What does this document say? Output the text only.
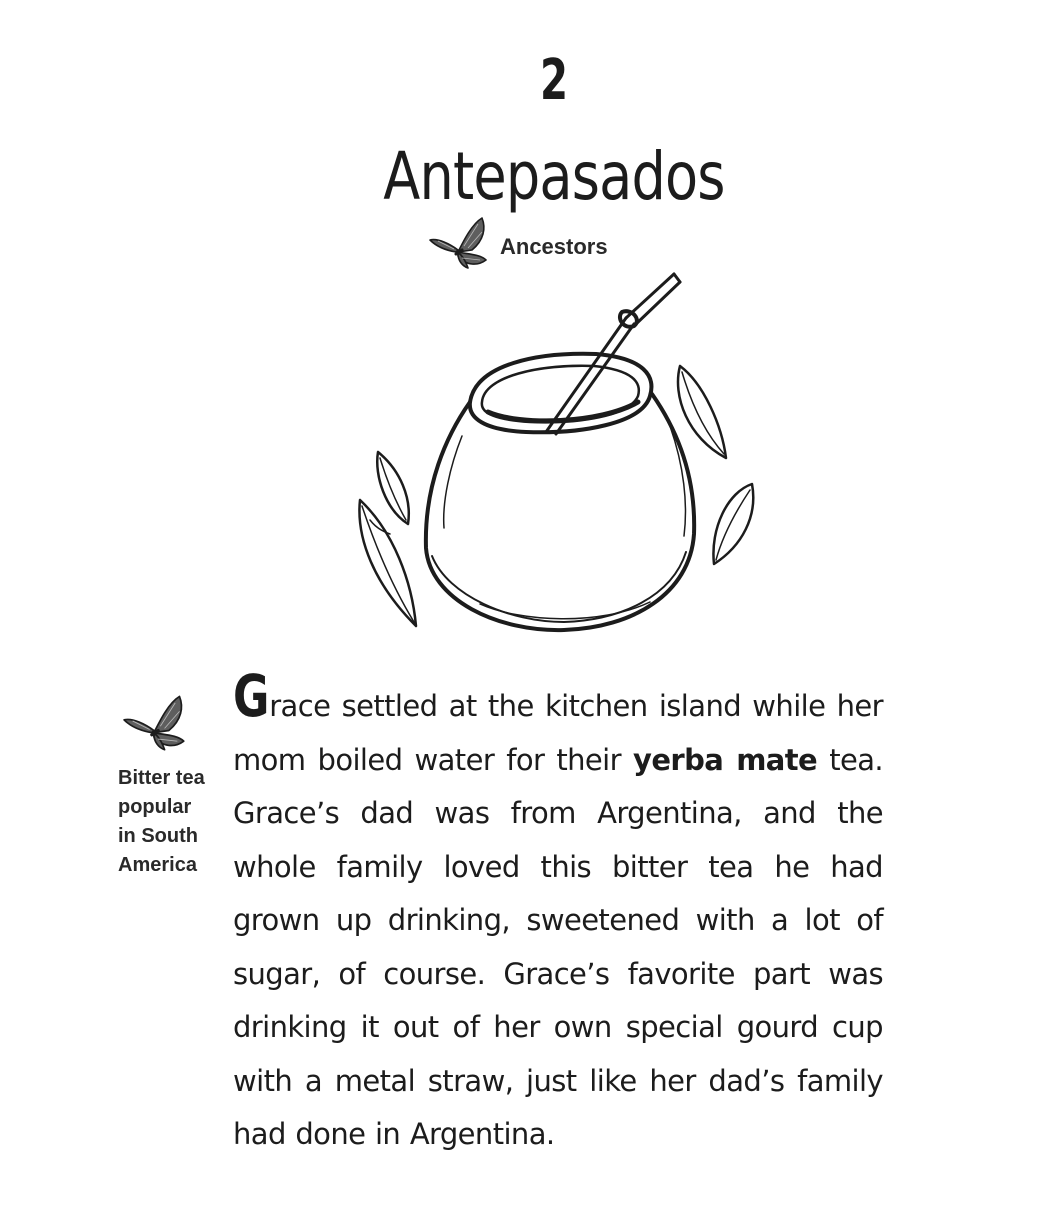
2
Antepasados
Ancestors
Bitter tea popular in South America
Grace settled at the kitchen island while her mom boiled water for their yerba mate tea. Grace’s dad was from Argentina, and the whole family loved this bitter tea he had grown up drinking, sweetened with a lot of sugar, of course. Grace’s favorite part was drinking it out of her own special gourd cup with a metal straw, just like her dad’s family had done in Argentina.
